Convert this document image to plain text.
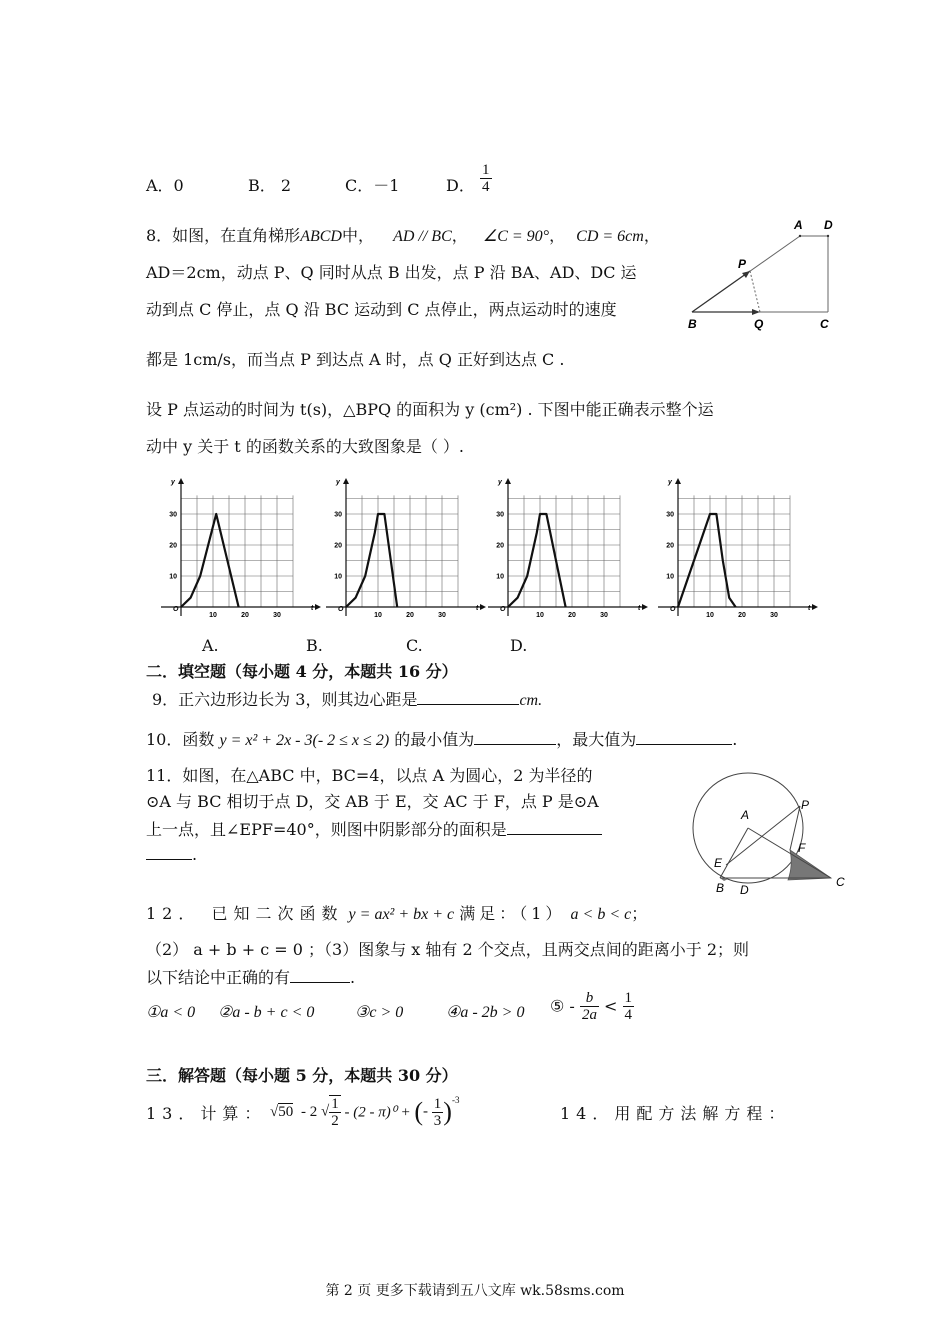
A．0	B． 2	C．－1	D． $\frac{1}{4}$
8．如图，在直角梯形ABCD中， AD // BC， ∠C = 90°， CD = 6cm，
AD＝2cm，动点 P、Q 同时从点 B 出发，点 P 沿 BA、AD、DC 运
动到点 C 停止，点 Q 沿 BC 运动到 C 点停止，两点运动时的速度
都是 1cm/s，而当点 P 到达点 A 时，点 Q 正好到达点 C .
设 P 点运动的时间为 t(s)，△BPQ 的面积为 y (cm²) . 下图中能正确表示整个运
动中 y 关于 t 的函数关系的大致图象是（ ）.
A D
P
B	Q	C
y
t
O
30
20
10
10	20	30
y
t
O
30
20
10
10	20	30
y
t
O
30
20
10
10	20	30
y
t
O
30
20
10
10	20	30
A.	B.	C.	D.
二．填空题（每小题 4 分，本题共 16 分）
9．正六边形边长为 3，则其边心距是	cm.
10．函数 y = x² + 2x - 3(- 2 ≤ x ≤ 2) 的最小值为	，最大值为	.
11．如图，在△ABC 中，BC=4，以点 A 为圆心，2 为半径的
⊙A 与 BC 相切于点 D，交 AB 于 E，交 AC 于 F，点 P 是⊙A
上一点，且∠EPF=40°，则图中阴影部分的面积是
.
A
P
E
F
B D
C
12． 已知二次函数 y = ax² + bx + c 满足：（1） a < b < c；
（2） a + b + c = 0 ；（3）图象与 x 轴有 2 个交点，且两交点间的距离小于 2；则
以下结论中正确的有	.
①a < 0 ②a - b + c < 0	③c > 0	④a - 2b > 0 ⑤ - $\frac{b}{2a} < \frac{1}{4}$
三．解答题（每小题 5 分，本题共 30 分）
13．计算： √50 - 2 √ $\frac{1}{2} - (2 - \pi)^0$ + (- $\frac{1}{3} )^{-3}$
14．用配方法解方程：
第 2 页 更多下载请到五八文库 wk.58sms.com
